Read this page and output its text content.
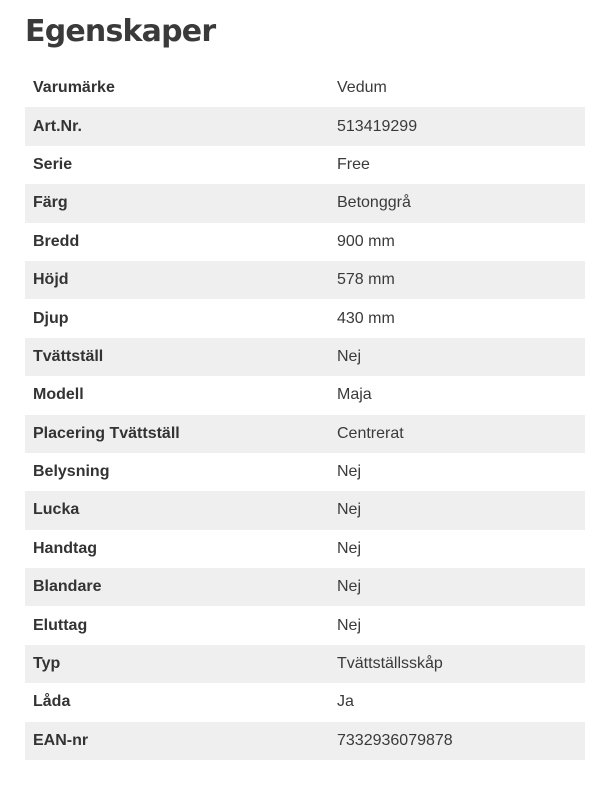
Egenskaper
Varumärke	Vedum
Art.Nr.	513419299
Serie	Free
Färg	Betonggrå
Bredd	900 mm
Höjd	578 mm
Djup	430 mm
Tvättställ	Nej
Modell	Maja
Placering Tvättställ	Centrerat
Belysning	Nej
Lucka	Nej
Handtag	Nej
Blandare	Nej
Eluttag	Nej
Typ	Tvättställsskåp
Låda	Ja
EAN-nr	7332936079878
